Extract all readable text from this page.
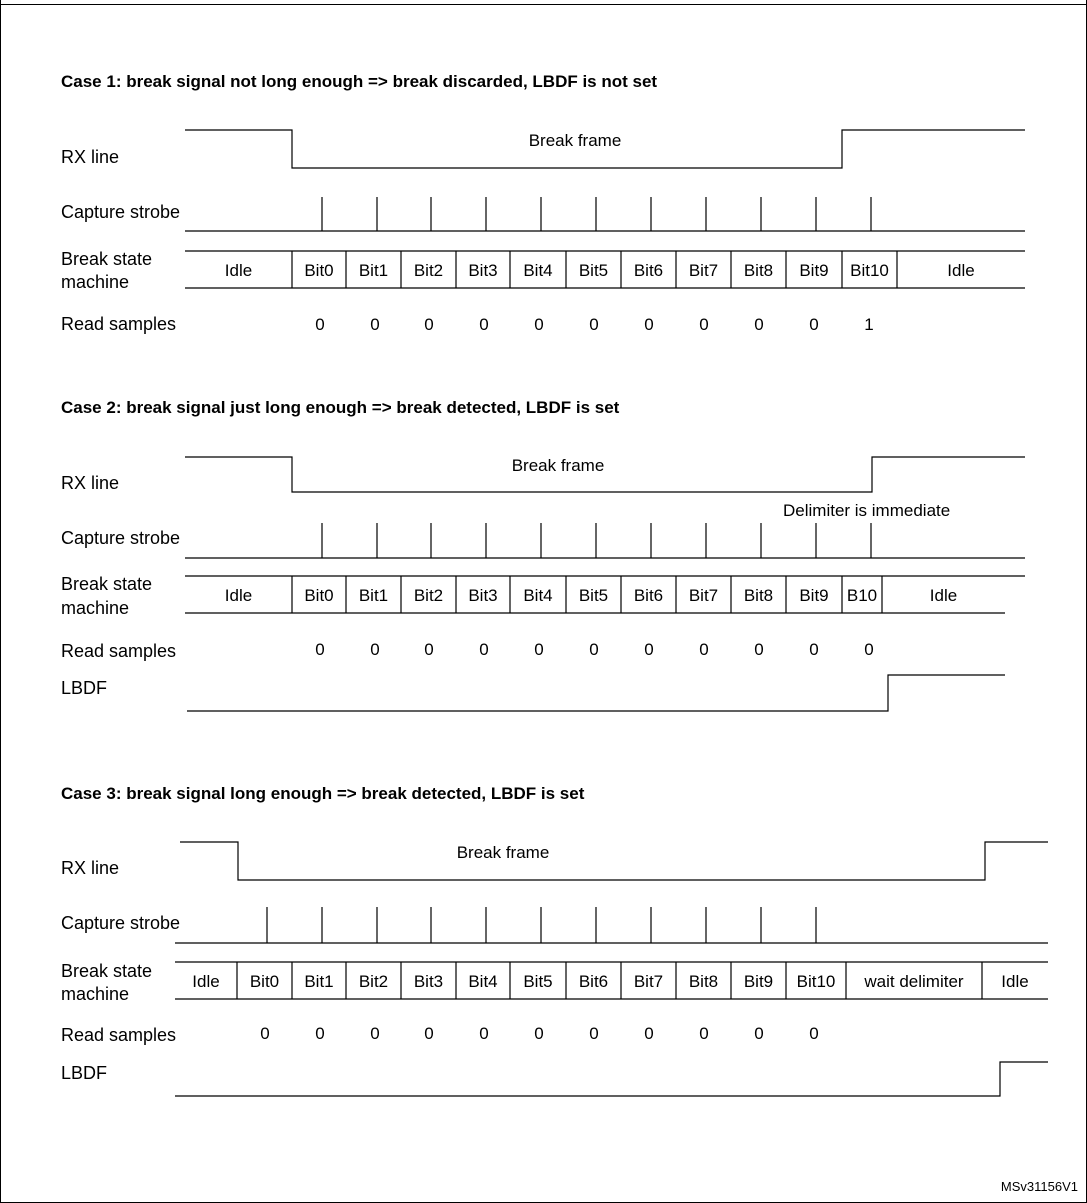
Case 1: break signal not long enough => break discarded, LBDF is not set
RX line
Break frame
Capture strobe
Break state
machine
Idle	Bit0 Bit1 Bit2 Bit3 Bit4 Bit5 Bit6 Bit7 Bit8 Bit9 Bit10	Idle
Read samples	0	0	0	0	0	0	0	0	0	0	1
Case 2: break signal just long enough => break detected, LBDF is set
RX line
Break frame
Delimiter is immediate
Capture strobe
Break state
machine
Idle	Bit0 Bit1 Bit2 Bit3 Bit4 Bit5 Bit6 Bit7 Bit8 Bit9 B10	Idle
Read samples	0	0	0	0	0	0	0	0	0	0	0
LBDF
Case 3: break signal long enough => break detected, LBDF is set
RX line
Break frame
Capture strobe
Break state
machine
Idle Bit0 Bit1 Bit2 Bit3 Bit4 Bit5 Bit6 Bit7 Bit8 Bit9 Bit10 wait delimiter Idle
Read samples	0	0	0	0	0	0	0	0	0	0	0
LBDF
MSv31156V1
